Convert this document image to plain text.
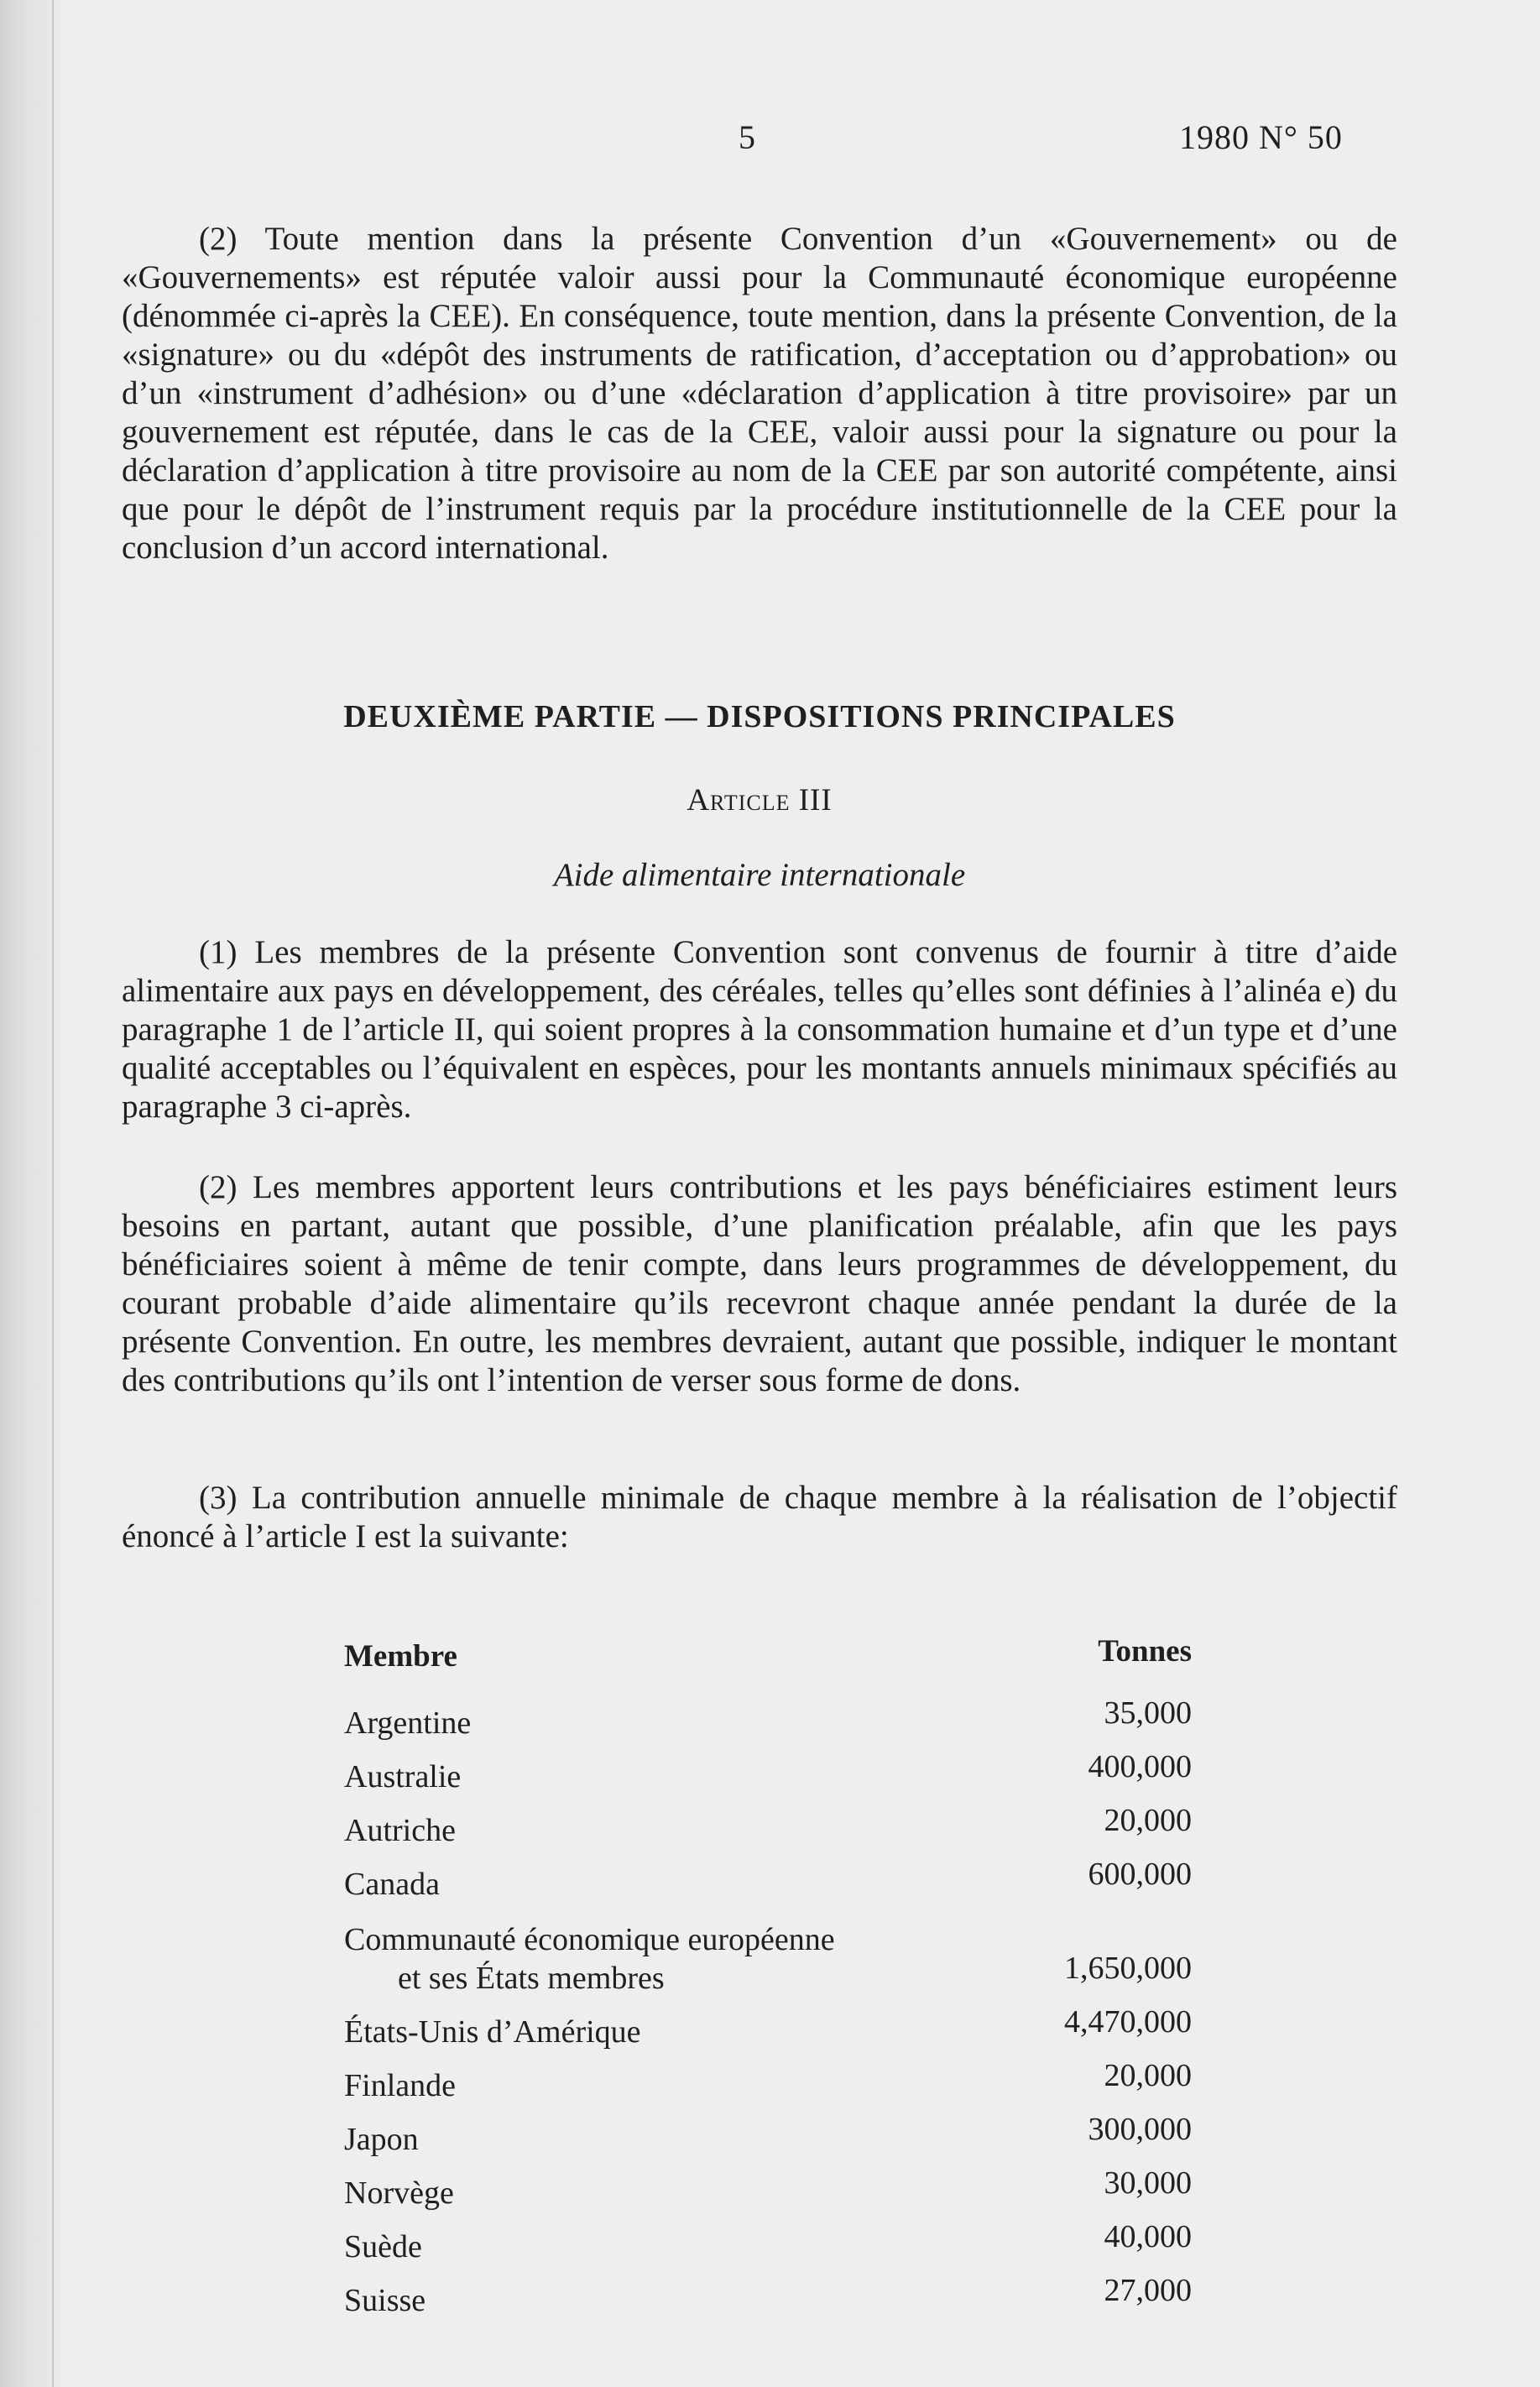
5	1980 N° 50

(2) Toute mention dans la présente Convention d’un «Gouvernement» ou de «Gouvernements» est réputée valoir aussi pour la Communauté économique européenne (dénommée ci-après la CEE). En conséquence, toute mention, dans la présente Convention, de la «signature» ou du «dépôt des instruments de ratification, d’acceptation ou d’approbation» ou d’un «instrument d’adhésion» ou d’une «déclaration d’application à titre provisoire» par un gouvernement est réputée, dans le cas de la CEE, valoir aussi pour la signature ou pour la déclaration d’application à titre provisoire au nom de la CEE par son autorité compétente, ainsi que pour le dépôt de l’instrument requis par la procédure institutionnelle de la CEE pour la conclusion d’un accord international.

DEUXIÈME PARTIE — DISPOSITIONS PRINCIPALES
Article III
Aide alimentaire internationale

(1) Les membres de la présente Convention sont convenus de fournir à titre d’aide alimentaire aux pays en développement, des céréales, telles qu’elles sont définies à l’alinéa e) du paragraphe 1 de l’article II, qui soient propres à la consommation humaine et d’un type et d’une qualité acceptables ou l’équivalent en espèces, pour les montants annuels minimaux spécifiés au paragraphe 3 ci-après.

(2) Les membres apportent leurs contributions et les pays bénéficiaires estiment leurs besoins en partant, autant que possible, d’une planification préalable, afin que les pays bénéficiaires soient à même de tenir compte, dans leurs programmes de développement, du courant probable d’aide alimentaire qu’ils recevront chaque année pendant la durée de la présente Convention. En outre, les membres devraient, autant que possible, indiquer le montant des contributions qu’ils ont l’intention de verser sous forme de dons.

(3) La contribution annuelle minimale de chaque membre à la réalisation de l’objectif énoncé à l’article I est la suivante:

Membre	Tonnes
Argentine	35,000
Australie	400,000
Autriche	20,000
Canada	600,000
Communauté économique européenne
et ses États membres	1,650,000
États-Unis d’Amérique	4,470,000
Finlande	20,000
Japon	300,000
Norvège	30,000
Suède	40,000
Suisse	27,000
